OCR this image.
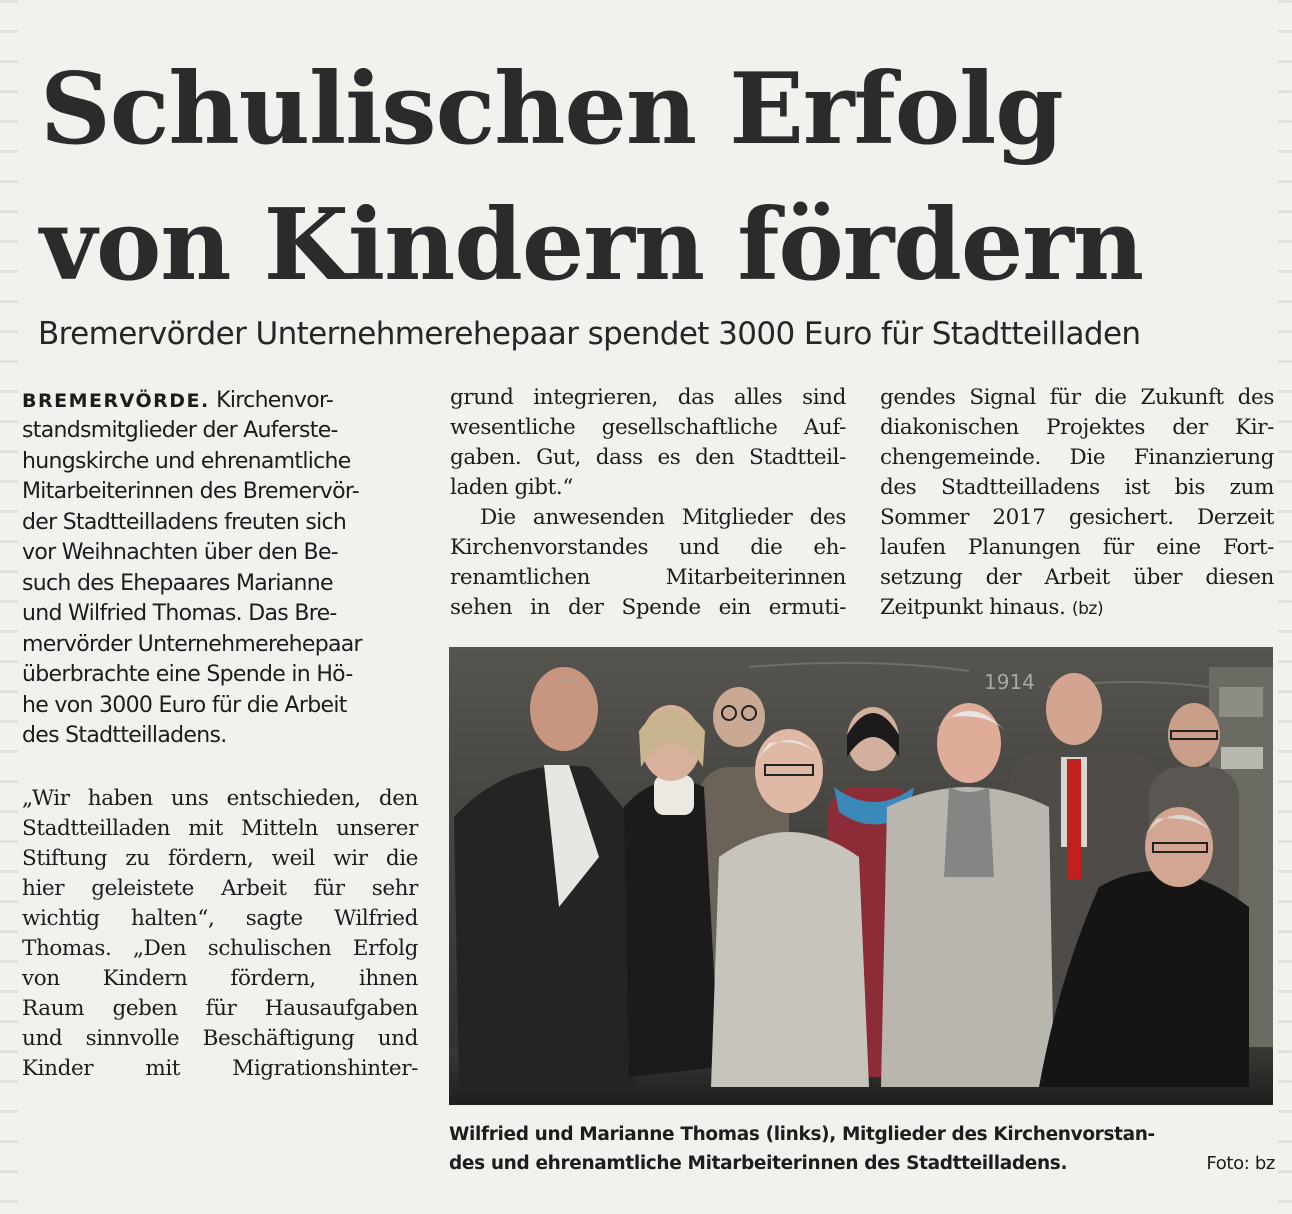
Schulischen Erfolg
von Kindern fördern
Bremervörder Unternehmerehepaar spendet 3000 Euro für Stadtteilladen
BREMERVÖRDE. Kirchenvor-
standsmitglieder der Auferste-
hungskirche und ehrenamtliche
Mitarbeiterinnen des Bremervör-
der Stadtteilladens freuten sich
vor Weihnachten über den Be-
such des Ehepaares Marianne
und Wilfried Thomas. Das Bre-
mervörder Unternehmerehepaar
überbrachte eine Spende in Hö-
he von 3000 Euro für die Arbeit
des Stadtteilladens.
„Wir haben uns entschieden, den
Stadtteilladen mit Mitteln unserer
Stiftung zu fördern, weil wir die
hier geleistete Arbeit für sehr
wichtig halten“, sagte Wilfried
Thomas. „Den schulischen Erfolg
von Kindern fördern, ihnen
Raum geben für Hausaufgaben
und sinnvolle Beschäftigung und
Kinder mit Migrationshinter-
grund integrieren, das alles sind
wesentliche gesellschaftliche Auf-
gaben. Gut, dass es den Stadtteil-
laden gibt.“
Die anwesenden Mitglieder des
Kirchenvorstandes und die eh-
renamtlichen Mitarbeiterinnen
sehen in der Spende ein ermuti-
gendes Signal für die Zukunft des
diakonischen Projektes der Kir-
chengemeinde. Die Finanzierung
des Stadtteilladens ist bis zum
Sommer 2017 gesichert. Derzeit
laufen Planungen für eine Fort-
setzung der Arbeit über diesen
Zeitpunkt hinaus. (bz)
1914
Wilfried und Marianne Thomas (links), Mitglieder des Kirchenvorstan-
des und ehrenamtliche Mitarbeiterinnen des Stadtteilladens.	Foto: bz
